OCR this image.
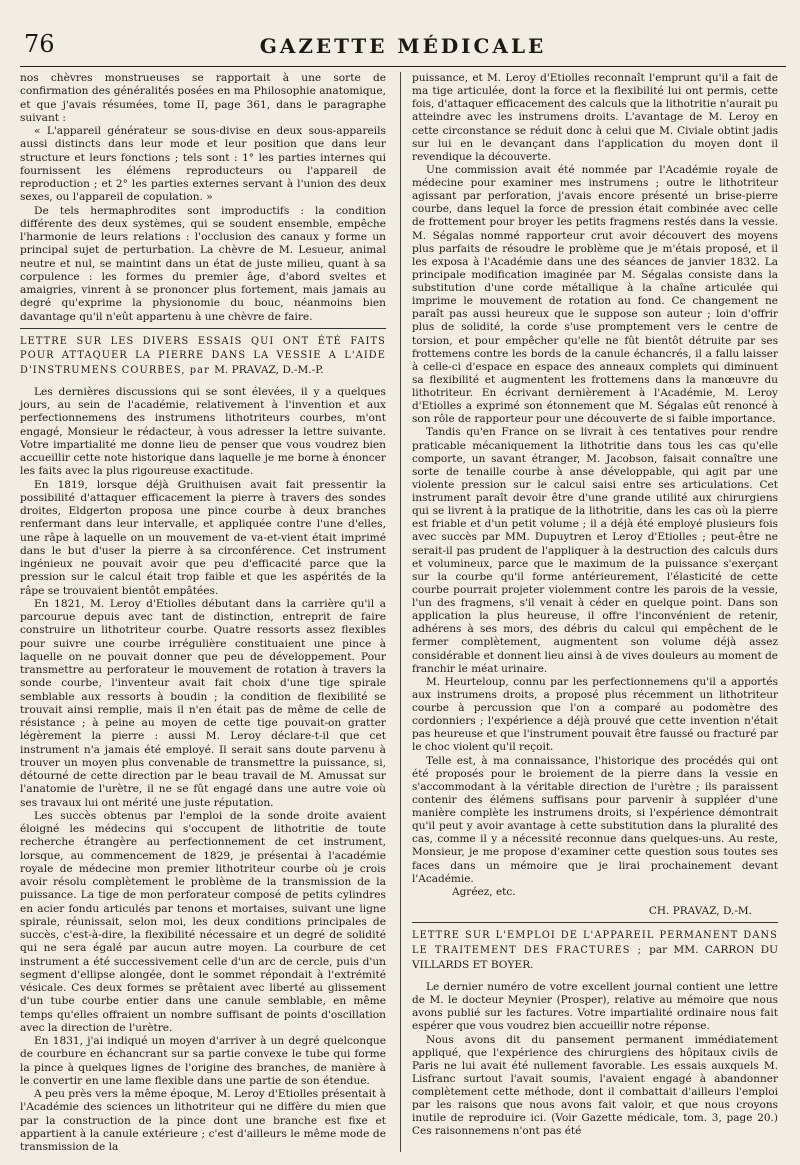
76	GAZETTE MÉDICALE

nos chèvres monstrueuses se rapportait à une sorte de confirmation des généralités posées en ma Philosophie anatomique, et que j'avais résumées, tome II, page 361, dans le paragraphe suivant :

« L'appareil générateur se sous-divise en deux sous-appareils aussi distincts dans leur mode et leur position que dans leur structure et leurs fonctions ; tels sont : 1° les parties internes qui fournissent les élémens reproducteurs ou l'appareil de reproduction ; et 2° les parties externes servant à l'union des deux sexes, ou l'appareil de copulation. »

De tels hermaphrodites sont improductifs : la condition différente des deux systèmes, qui se soudent ensemble, empêche l'harmonie de leurs relations : l'occlusion des canaux y forme un principal sujet de perturbation. La chèvre de M. Lesueur, animal neutre et nul, se maintint dans un état de juste milieu, quant à sa corpulence : les formes du premier âge, d'abord sveltes et amaigries, vinrent à se prononcer plus fortement, mais jamais au degré qu'exprime la physionomie du bouc, néanmoins bien davantage qu'il n'eût appartenu à une chèvre de faire.

LETTRE SUR LES DIVERS ESSAIS QUI ONT ÉTÉ FAITS POUR ATTAQUER LA PIERRE DANS LA VESSIE A L'AIDE D'INSTRUMENS COURBES, par M. PRAVAZ, D.-M.-P.

Les dernières discussions qui se sont élevées, il y a quelques jours, au sein de l'académie, relativement à l'invention et aux perfectionnemens des instrumens lithotriteurs courbes, m'ont engagé, Monsieur le rédacteur, à vous adresser la lettre suivante. Votre impartialité me donne lieu de penser que vous voudrez bien accueillir cette note historique dans laquelle je me borne à énoncer les faits avec la plus rigoureuse exactitude.

En 1819, lorsque déjà Gruithuisen avait fait pressentir la possibilité d'attaquer efficacement la pierre à travers des sondes droites, Eldgerton proposa une pince courbe à deux branches renfermant dans leur intervalle, et appliquée contre l'une d'elles, une râpe à laquelle on un mouvement de va-et-vient était imprimé dans le but d'user la pierre à sa circonférence. Cet instrument ingénieux ne pouvait avoir que peu d'efficacité parce que la pression sur le calcul était trop faible et que les aspérités de la râpe se trouvaient bientôt empâtées.

En 1821, M. Leroy d'Etiolles débutant dans la carrière qu'il a parcourue depuis avec tant de distinction, entreprit de faire construire un lithotriteur courbe. Quatre ressorts assez flexibles pour suivre une courbe irrégulière constituaient une pince à laquelle on ne pouvait donner que peu de développement. Pour transmettre au perforateur le mouvement de rotation à travers la sonde courbe, l'inventeur avait fait choix d'une tige spirale semblable aux ressorts à boudin ; la condition de flexibilité se trouvait ainsi remplie, mais il n'en était pas de même de celle de résistance ; à peine au moyen de cette tige pouvait-on gratter légèrement la pierre : aussi M. Leroy déclare-t-il que cet instrument n'a jamais été employé. Il serait sans doute parvenu à trouver un moyen plus convenable de transmettre la puissance, si, détourné de cette direction par le beau travail de M. Amussat sur l'anatomie de l'urètre, il ne se fût engagé dans une autre voie où ses travaux lui ont mérité une juste réputation.

Les succès obtenus par l'emploi de la sonde droite avaient éloigné les médecins qui s'occupent de lithotritie de toute recherche étrangère au perfectionnement de cet instrument, lorsque, au commencement de 1829, je présentai à l'académie royale de médecine mon premier lithotriteur courbe où je crois avoir résolu complètement le problème de la transmission de la puissance. La tige de mon perforateur composé de petits cylindres en acier fondu articulés par tenons et mortaises, suivant une ligne spirale, réunissait, selon moi, les deux conditions principales de succès, c'est-à-dire, la flexibilité nécessaire et un degré de solidité qui ne sera égalé par aucun autre moyen. La courbure de cet instrument a été successivement celle d'un arc de cercle, puis d'un segment d'ellipse alongée, dont le sommet répondait à l'extrémité vésicale. Ces deux formes se prêtaient avec liberté au glissement d'un tube courbe entier dans une canule semblable, en même temps qu'elles offraient un nombre suffisant de points d'oscillation avec la direction de l'urètre.

En 1831, j'ai indiqué un moyen d'arriver à un degré quelconque de courbure en échancrant sur sa partie convexe le tube qui forme la pince à quelques lignes de l'origine des branches, de manière à le convertir en une lame flexible dans une partie de son étendue.

A peu près vers la même époque, M. Leroy d'Etiolles présentait à l'Académie des sciences un lithotriteur qui ne diffère du mien que par la construction de la pince dont une branche est fixe et appartient à la canule extérieure ; c'est d'ailleurs le même mode de transmission de la

puissance, et M. Leroy d'Etiolles reconnaît l'emprunt qu'il a fait de ma tige articulée, dont la force et la flexibilité lui ont permis, cette fois, d'attaquer efficacement des calculs que la lithotritie n'aurait pu atteindre avec les instrumens droits. L'avantage de M. Leroy en cette circonstance se réduit donc à celui que M. Civiale obtint jadis sur lui en le devançant dans l'application du moyen dont il revendique la découverte.

Une commission avait été nommée par l'Académie royale de médecine pour examiner mes instrumens ; outre le lithotriteur agissant par perforation, j'avais encore présenté un brise-pierre courbe, dans lequel la force de pression était combinée avec celle de frottement pour broyer les petits fragmens restés dans la vessie. M. Ségalas nommé rapporteur crut avoir découvert des moyens plus parfaits de résoudre le problème que je m'étais proposé, et il les exposa à l'Académie dans une des séances de janvier 1832. La principale modification imaginée par M. Ségalas consiste dans la substitution d'une corde métallique à la chaîne articulée qui imprime le mouvement de rotation au fond. Ce changement ne paraît pas aussi heureux que le suppose son auteur ; loin d'offrir plus de solidité, la corde s'use promptement vers le centre de torsion, et pour empêcher qu'elle ne fût bientôt détruite par ses frottemens contre les bords de la canule échancrés, il a fallu laisser à celle-ci d'espace en espace des anneaux complets qui diminuent sa flexibilité et augmentent les frottemens dans la manœuvre du lithotriteur. En écrivant dernièrement à l'Académie, M. Leroy d'Etiolles a exprimé son étonnement que M. Ségalas eût renoncé à son rôle de rapporteur pour une découverte de si faible importance.

Tandis qu'en France on se livrait à ces tentatives pour rendre praticable mécaniquement la lithotritie dans tous les cas qu'elle comporte, un savant étranger, M. Jacobson, faisait connaître une sorte de tenaille courbe à anse développable, qui agit par une violente pression sur le calcul saisi entre ses articulations. Cet instrument paraît devoir être d'une grande utilité aux chirurgiens qui se livrent à la pratique de la lithotritie, dans les cas où la pierre est friable et d'un petit volume ; il a déjà été employé plusieurs fois avec succès par MM. Dupuytren et Leroy d'Etiolles ; peut-être ne serait-il pas prudent de l'appliquer à la destruction des calculs durs et volumineux, parce que le maximum de la puissance s'exerçant sur la courbe qu'il forme antérieurement, l'élasticité de cette courbe pourrait projeter violemment contre les parois de la vessie, l'un des fragmens, s'il venait à céder en quelque point. Dans son application la plus heureuse, il offre l'inconvénient de retenir, adhérens à ses mors, des débris du calcul qui empêchent de le fermer complètement, augmentent son volume déjà assez considérable et donnent lieu ainsi à de vives douleurs au moment de franchir le méat urinaire.

M. Heurteloup, connu par les perfectionnemens qu'il a apportés aux instrumens droits, a proposé plus récemment un lithotriteur courbe à percussion que l'on a comparé au podomètre des cordonniers ; l'expérience a déjà prouvé que cette invention n'était pas heureuse et que l'instrument pouvait être faussé ou fracturé par le choc violent qu'il reçoit.

Telle est, à ma connaissance, l'historique des procédés qui ont été proposés pour le broiement de la pierre dans la vessie en s'accommodant à la véritable direction de l'urètre ; ils paraissent contenir des élémens suffisans pour parvenir à suppléer d'une manière complète les instrumens droits, si l'expérience démontrait qu'il peut y avoir avantage à cette substitution dans la pluralité des cas, comme il y a nécessité reconnue dans quelques-uns. Au reste, Monsieur, je me propose d'examiner cette question sous toutes ses faces dans un mémoire que je lirai prochainement devant l'Académie.

Agréez, etc.

CH. PRAVAZ, D.-M.

LETTRE SUR L'EMPLOI DE L'APPAREIL PERMANENT DANS LE TRAITEMENT DES FRACTURES ; par MM. CARRON DU VILLARDS ET BOYER.

Le dernier numéro de votre excellent journal contient une lettre de M. le docteur Meynier (Prosper), relative au mémoire que nous avons publié sur les factures. Votre impartialité ordinaire nous fait espérer que vous voudrez bien accueillir notre réponse.

Nous avons dit du pansement permanent immédiatement appliqué, que l'expérience des chirurgiens des hôpitaux civils de Paris ne lui avait été nullement favorable. Les essais auxquels M. Lisfranc surtout l'avait soumis, l'avaient engagé à abandonner complètement cette méthode, dont il combattait d'ailleurs l'emploi par les raisons que nous avons fait valoir, et que nous croyons inutile de reproduire ici. (Voir Gazette médicale, tom. 3, page 20.) Ces raisonnemens n'ont pas été
